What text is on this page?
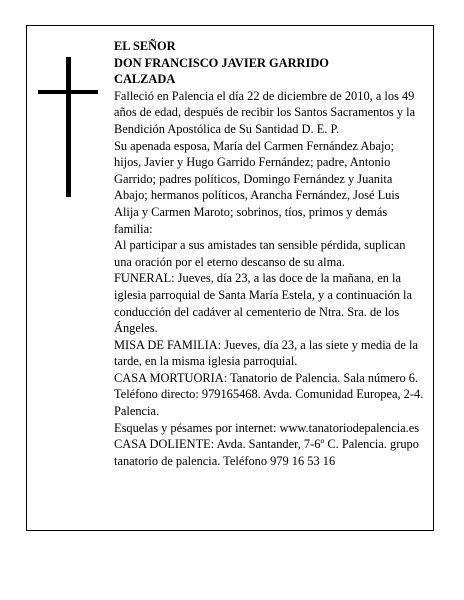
EL SEÑOR
DON FRANCISCO JAVIER GARRIDO
CALZADA

Falleció en Palencia el día 22 de diciembre de 2010, a los 49 años de edad, después de recibir los Santos Sacramentos y la Bendición Apostólica de Su Santidad D. E. P.

Su apenada esposa, María del Carmen Fernández Abajo; hijos, Javier y Hugo Garrido Fernández; padre, Antonio Garrido; padres políticos, Domingo Fernández y Juanita Abajo; hermanos políticos, Arancha Fernández, José Luis Alija y Carmen Maroto; sobrinos, tíos, primos y demás familia:

Al participar a sus amistades tan sensible pérdida, suplican una oración por el eterno descanso de su alma.

FUNERAL: Jueves, día 23, a las doce de la mañana, en la iglesia parroquial de Santa María Estela, y a continuación la conducción del cadáver al cementerio de Ntra. Sra. de los Ángeles.

MISA DE FAMILIA: Jueves, día 23, a las siete y media de la tarde, en la misma iglesia parroquial.

CASA MORTUORIA: Tanatorio de Palencia. Sala número 6. Teléfono directo: 979165468. Avda. Comunidad Europea, 2-4. Palencia.

Esquelas y pésames por internet: www.tanatoriodepalencia.es

CASA DOLIENTE: Avda. Santander, 7-6º C. Palencia. grupo tanatorio de palencia. Teléfono 979 16 53 16
